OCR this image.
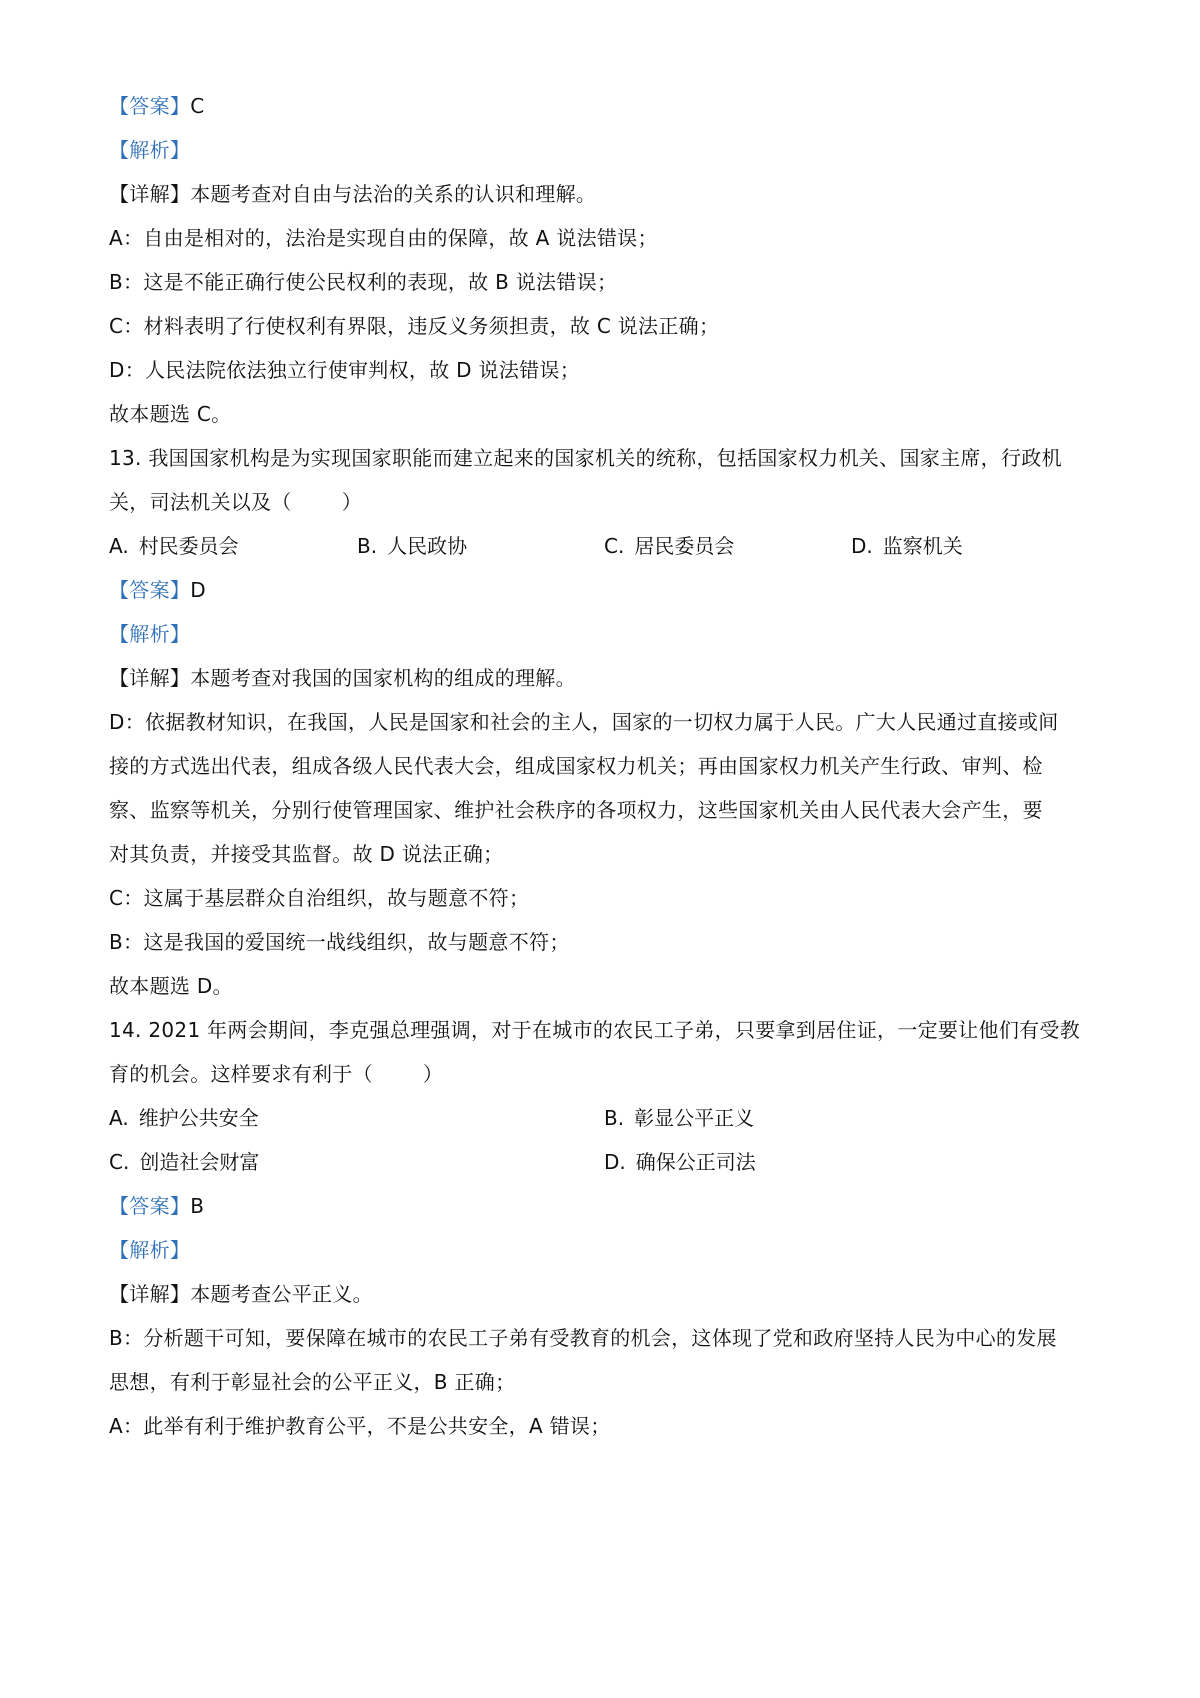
【答案】C
【解析】
【详解】本题考查对自由与法治的关系的认识和理解。
A：自由是相对的，法治是实现自由的保障，故 A 说法错误；
B：这是不能正确行使公民权利的表现，故 B 说法错误；
C：材料表明了行使权利有界限，违反义务须担责，故 C 说法正确；
D：人民法院依法独立行使审判权，故 D 说法错误；
故本题选 C。
13. 我国国家机构是为实现国家职能而建立起来的国家机关的统称，包括国家权力机关、国家主席，行政机
关，司法机关以及（	）
A. 村民委员会	B. 人民政协	C. 居民委员会	D. 监察机关
【答案】D
【解析】
【详解】本题考查对我国的国家机构的组成的理解。
D：依据教材知识，在我国，人民是国家和社会的主人，国家的一切权力属于人民。广大人民通过直接或间
接的方式选出代表，组成各级人民代表大会，组成国家权力机关；再由国家权力机关产生行政、审判、检
察、监察等机关，分别行使管理国家、维护社会秩序的各项权力，这些国家机关由人民代表大会产生，要
对其负责，并接受其监督。故 D 说法正确；
C：这属于基层群众自治组织，故与题意不符；
B：这是我国的爱国统一战线组织，故与题意不符；
故本题选 D。
14. 2021 年两会期间，李克强总理强调，对于在城市的农民工子弟，只要拿到居住证，一定要让他们有受教
育的机会。这样要求有利于（	）
A. 维护公共安全	B. 彰显公平正义
C. 创造社会财富	D. 确保公正司法
【答案】B
【解析】
【详解】本题考查公平正义。
B：分析题干可知，要保障在城市的农民工子弟有受教育的机会，这体现了党和政府坚持人民为中心的发展
思想，有利于彰显社会的公平正义，B 正确；
A：此举有利于维护教育公平，不是公共安全，A 错误；
